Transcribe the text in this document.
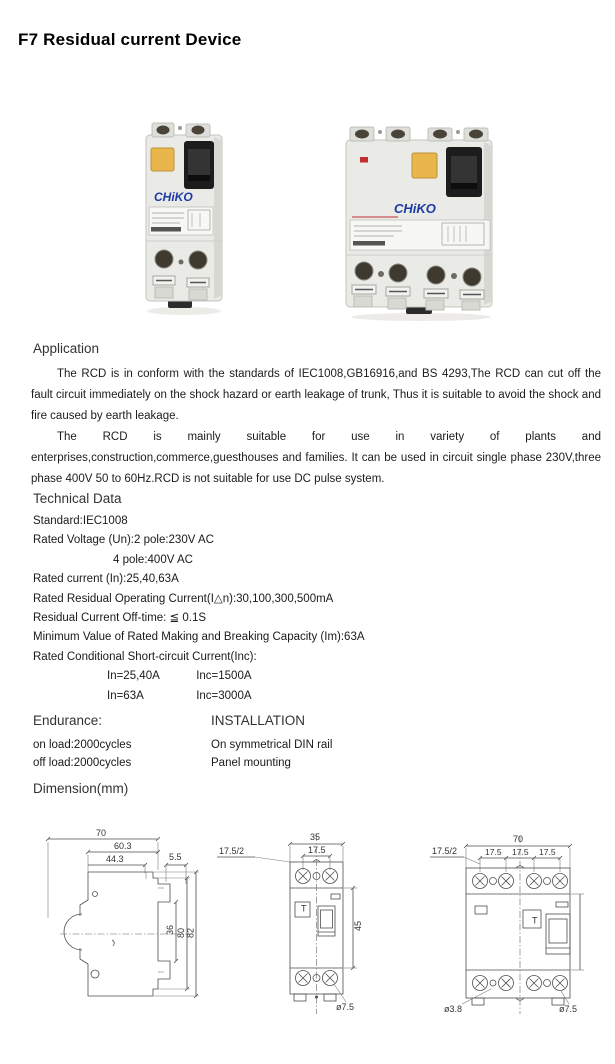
F7 Residual current Device
CHiKO
CHiKO
Application

The RCD is in conform with the standards of IEC1008,GB16916,and BS 4293,The RCD can cut off the fault circuit immediately on the shock hazard or earth leakage of trunk, Thus it is suitable to avoid the shock and fire caused by earth leakage.

The RCD is mainly suitable for use in variety of plants and enterprises,construction,commerce,guesthouses and families. It can be used in circuit single phase 230V,three phase 400V 50 to 60Hz.RCD is not suitable for use DC pulse system.

Technical Data
Standard:IEC1008
Rated Voltage (Un):2 pole:230V AC
4 pole:400V AC
Rated current (In):25,40,63A
Rated Residual Operating Current(I△n):30,100,300,500mA
Residual Current Off-time: ≦ 0.1S
Minimum Value of Rated Making and Breaking Capacity (Im):63A
Rated Conditional Short-circuit Current(Inc):
In=25,40A	Inc=1500A
In=63A	Inc=3000A
Endurance:
on load:2000cycles
off load:2000cycles
INSTALLATION
On symmetrical DIN rail
Panel mounting
Dimension(mm)
70
60.3
44.3	5.5
36 80 82
35
17.5
17.5/2
T
45
ø7.5
70
17.5 17.5 17.5
17.5/2
T
ø3.8	ø7.5
